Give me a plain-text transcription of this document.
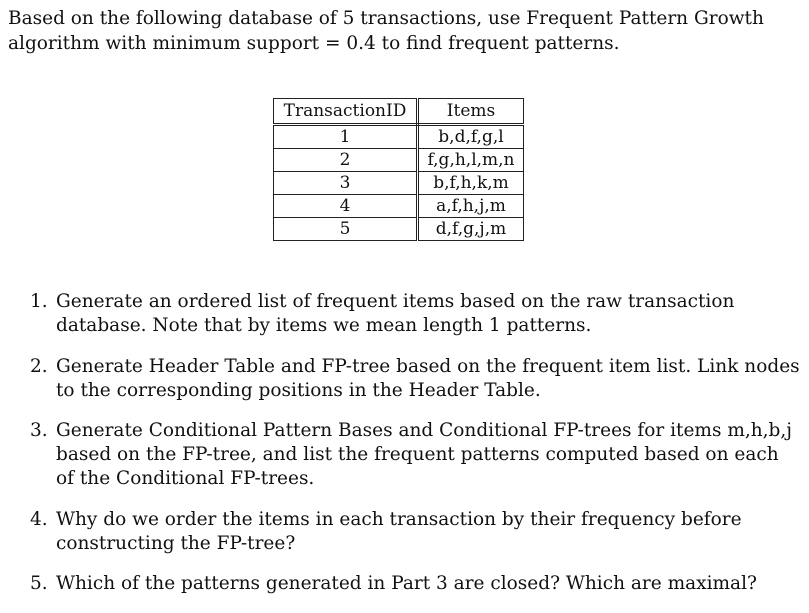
Based on the following database of 5 transactions, use Frequent Pattern Growth algorithm with minimum support = 0.4 to find frequent patterns.

TransactionID	Items
1	b,d,f,g,l
2	f,g,h,l,m,n
3	b,f,h,k,m
4	a,f,h,j,m
5	d,f,g,j,m
1. Generate an ordered list of frequent items based on the raw transaction database. Note that by items we mean length 1 patterns.
2. Generate Header Table and FP-tree based on the frequent item list. Link nodes to the corresponding positions in the Header Table.
3. Generate Conditional Pattern Bases and Conditional FP-trees for items m,h,b,j based on the FP-tree, and list the frequent patterns computed based on each of the Conditional FP-trees.
4. Why do we order the items in each transaction by their frequency before constructing the FP-tree?
5. Which of the patterns generated in Part 3 are closed? Which are maximal?
